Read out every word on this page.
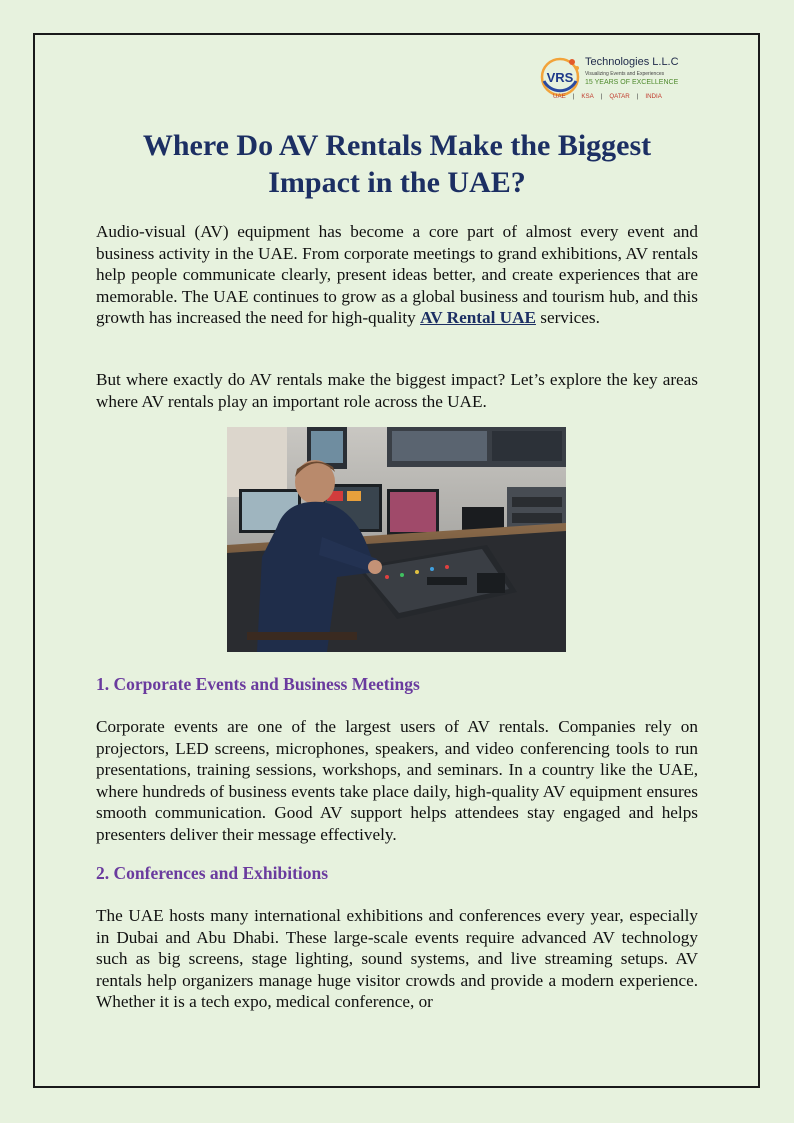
VRS
Technologies L.L.C
Visualizing Events and Experiences
15 YEARS OF EXCELLENCE
UAE | KSA | QATAR | INDIA
Where Do AV Rentals Make the Biggest Impact in the UAE?

Audio-visual (AV) equipment has become a core part of almost every event and business activity in the UAE. From corporate meetings to grand exhibitions, AV rentals help people communicate clearly, present ideas better, and create experiences that are memorable. The UAE continues to grow as a global business and tourism hub, and this growth has increased the need for high-quality AV Rental UAE services.

But where exactly do AV rentals make the biggest impact? Let’s explore the key areas where AV rentals play an important role across the UAE.

1. Corporate Events and Business Meetings

Corporate events are one of the largest users of AV rentals. Companies rely on projectors, LED screens, microphones, speakers, and video conferencing tools to run presentations, training sessions, workshops, and seminars. In a country like the UAE, where hundreds of business events take place daily, high-quality AV equipment ensures smooth communication. Good AV support helps attendees stay engaged and helps presenters deliver their message effectively.

2. Conferences and Exhibitions

The UAE hosts many international exhibitions and conferences every year, especially in Dubai and Abu Dhabi. These large-scale events require advanced AV technology such as big screens, stage lighting, sound systems, and live streaming setups. AV rentals help organizers manage huge visitor crowds and provide a modern experience. Whether it is a tech expo, medical conference, or
